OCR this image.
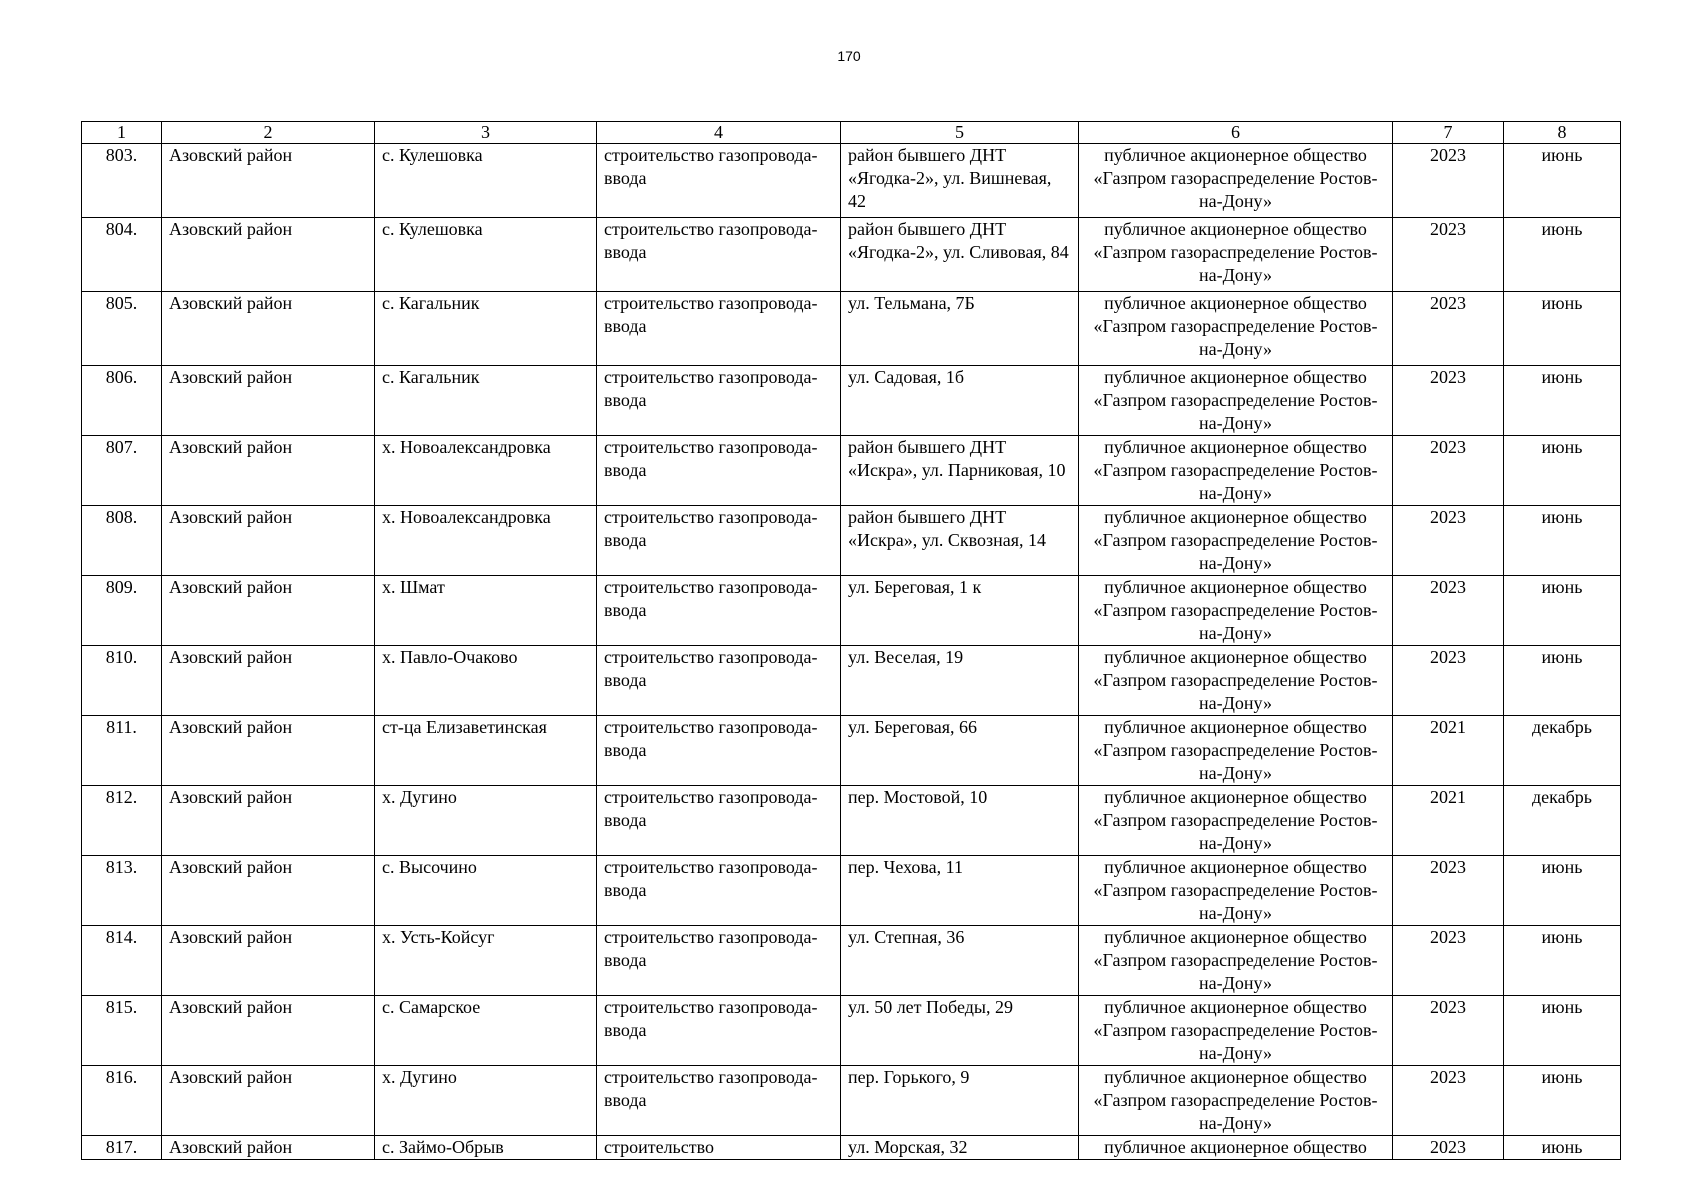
170
1	2	3	4	5	6	7	8
803.	Азовский район	с. Кулешовка	строительство газопровода-ввода	район бывшего ДНТ «Ягодка-2», ул. Вишневая, 42	публичное акционерное общество «Газпром газораспределение Ростов-на-Дону»	2023	июнь
804.	Азовский район	с. Кулешовка	строительство газопровода-ввода	район бывшего ДНТ «Ягодка-2», ул. Сливовая, 84	публичное акционерное общество «Газпром газораспределение Ростов-на-Дону»	2023	июнь
805.	Азовский район	с. Кагальник	строительство газопровода-ввода	ул. Тельмана, 7Б	публичное акционерное общество «Газпром газораспределение Ростов-на-Дону»	2023	июнь
806.	Азовский район	с. Кагальник	строительство газопровода-ввода	ул. Садовая, 1б	публичное акционерное общество «Газпром газораспределение Ростов-на-Дону»	2023	июнь
807.	Азовский район	х. Новоалександровка	строительство газопровода-ввода	район бывшего ДНТ «Искра», ул. Парниковая, 10	публичное акционерное общество «Газпром газораспределение Ростов-на-Дону»	2023	июнь
808.	Азовский район	х. Новоалександровка	строительство газопровода-ввода	район бывшего ДНТ «Искра», ул. Сквозная, 14	публичное акционерное общество «Газпром газораспределение Ростов-на-Дону»	2023	июнь
809.	Азовский район	х. Шмат	строительство газопровода-ввода	ул. Береговая, 1 к	публичное акционерное общество «Газпром газораспределение Ростов-на-Дону»	2023	июнь
810.	Азовский район	х. Павло-Очаково	строительство газопровода-ввода	ул. Веселая, 19	публичное акционерное общество «Газпром газораспределение Ростов-на-Дону»	2023	июнь
811.	Азовский район	ст-ца Елизаветинская	строительство газопровода-ввода	ул. Береговая, 66	публичное акционерное общество «Газпром газораспределение Ростов-на-Дону»	2021	декабрь
812.	Азовский район	х. Дугино	строительство газопровода-ввода	пер. Мостовой, 10	публичное акционерное общество «Газпром газораспределение Ростов-на-Дону»	2021	декабрь
813.	Азовский район	с. Высочино	строительство газопровода-ввода	пер. Чехова, 11	публичное акционерное общество «Газпром газораспределение Ростов-на-Дону»	2023	июнь
814.	Азовский район	х. Усть-Койсуг	строительство газопровода-ввода	ул. Степная, 36	публичное акционерное общество «Газпром газораспределение Ростов-на-Дону»	2023	июнь
815.	Азовский район	с. Самарское	строительство газопровода-ввода	ул. 50 лет Победы, 29	публичное акционерное общество «Газпром газораспределение Ростов-на-Дону»	2023	июнь
816.	Азовский район	х. Дугино	строительство газопровода-ввода	пер. Горького, 9	публичное акционерное общество «Газпром газораспределение Ростов-на-Дону»	2023	июнь
817.	Азовский район	с. Займо-Обрыв	строительство	ул. Морская, 32	публичное акционерное общество	2023	июнь
